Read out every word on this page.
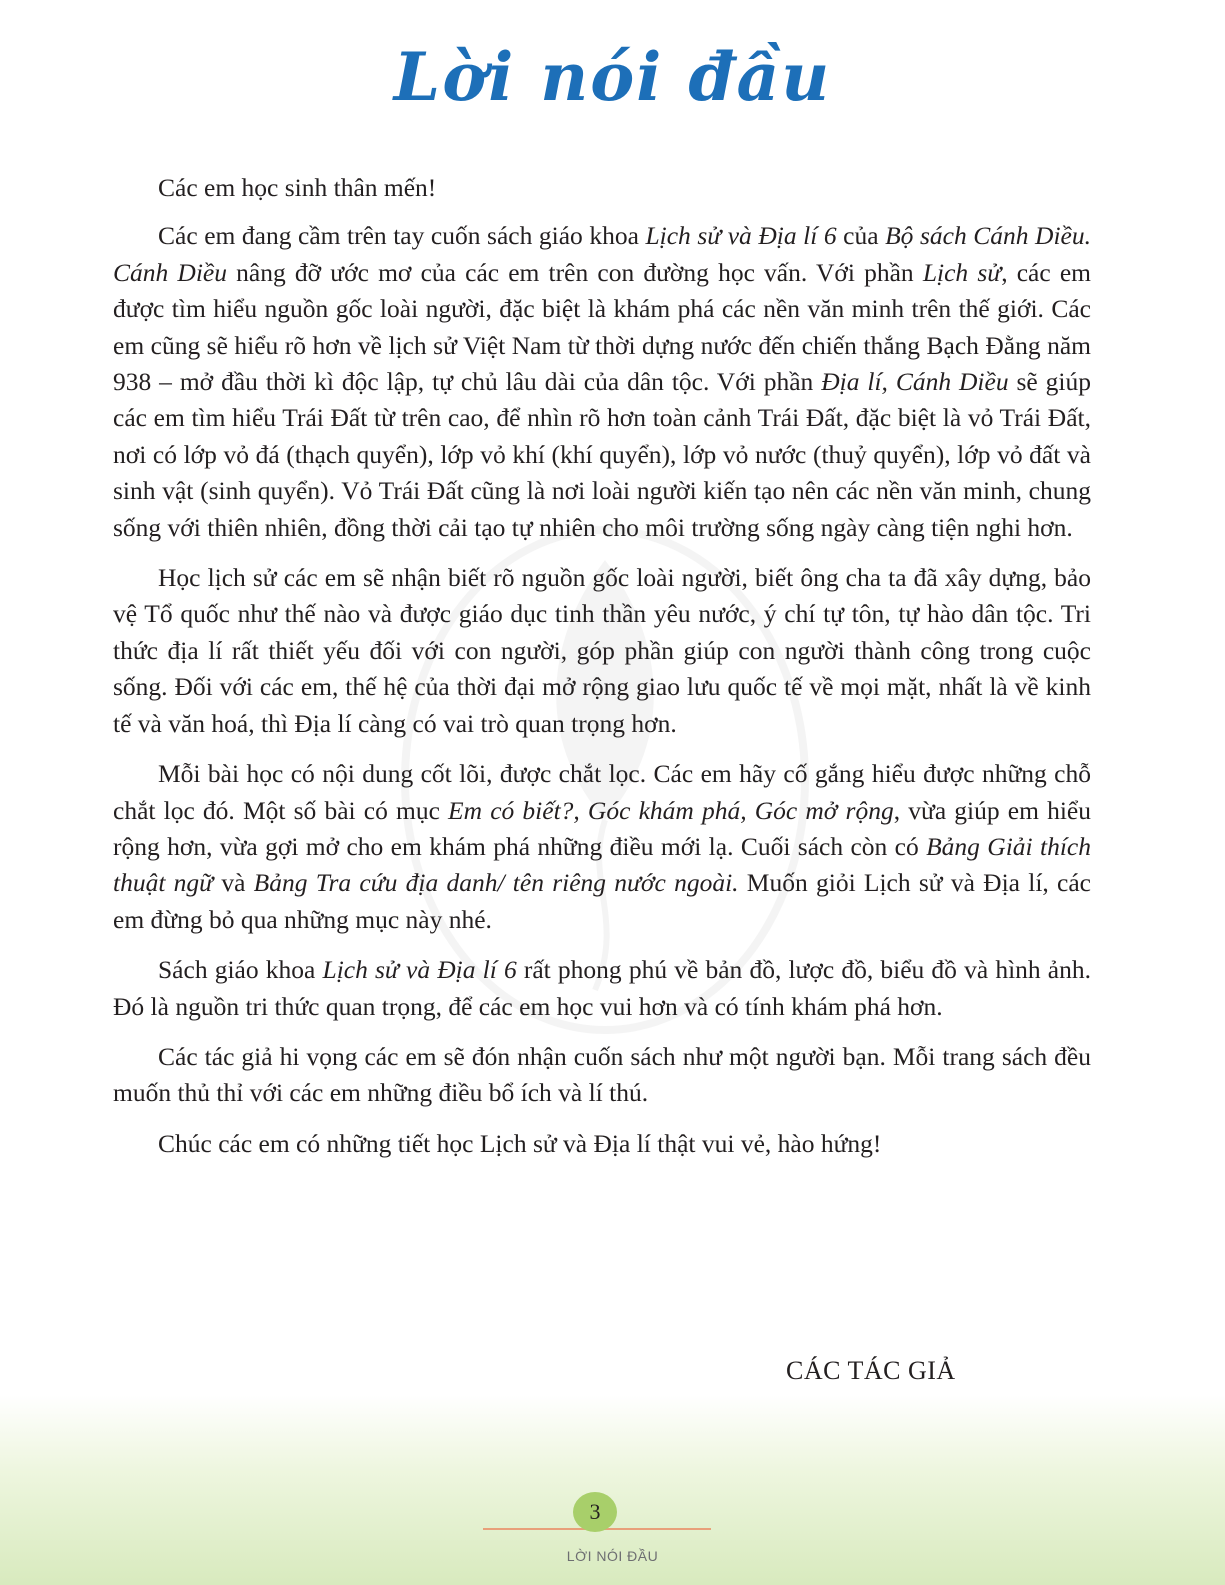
Lời nói đầu

Các em học sinh thân mến!

Các em đang cầm trên tay cuốn sách giáo khoa Lịch sử và Địa lí 6 của Bộ sách Cánh Diều. Cánh Diều nâng đỡ ước mơ của các em trên con đường học vấn. Với phần Lịch sử, các em được tìm hiểu nguồn gốc loài người, đặc biệt là khám phá các nền văn minh trên thế giới. Các em cũng sẽ hiểu rõ hơn về lịch sử Việt Nam từ thời dựng nước đến chiến thắng Bạch Đằng năm 938 – mở đầu thời kì độc lập, tự chủ lâu dài của dân tộc. Với phần Địa lí, Cánh Diều sẽ giúp các em tìm hiểu Trái Đất từ trên cao, để nhìn rõ hơn toàn cảnh Trái Đất, đặc biệt là vỏ Trái Đất, nơi có lớp vỏ đá (thạch quyển), lớp vỏ khí (khí quyển), lớp vỏ nước (thuỷ quyển), lớp vỏ đất và sinh vật (sinh quyển). Vỏ Trái Đất cũng là nơi loài người kiến tạo nên các nền văn minh, chung sống với thiên nhiên, đồng thời cải tạo tự nhiên cho môi trường sống ngày càng tiện nghi hơn.

Học lịch sử các em sẽ nhận biết rõ nguồn gốc loài người, biết ông cha ta đã xây dựng, bảo vệ Tổ quốc như thế nào và được giáo dục tinh thần yêu nước, ý chí tự tôn, tự hào dân tộc. Tri thức địa lí rất thiết yếu đối với con người, góp phần giúp con người thành công trong cuộc sống. Đối với các em, thế hệ của thời đại mở rộng giao lưu quốc tế về mọi mặt, nhất là về kinh tế và văn hoá, thì Địa lí càng có vai trò quan trọng hơn.

Mỗi bài học có nội dung cốt lõi, được chắt lọc. Các em hãy cố gắng hiểu được những chỗ chắt lọc đó. Một số bài có mục Em có biết?, Góc khám phá, Góc mở rộng, vừa giúp em hiểu rộng hơn, vừa gợi mở cho em khám phá những điều mới lạ. Cuối sách còn có Bảng Giải thích thuật ngữ và Bảng Tra cứu địa danh/ tên riêng nước ngoài. Muốn giỏi Lịch sử và Địa lí, các em đừng bỏ qua những mục này nhé.

Sách giáo khoa Lịch sử và Địa lí 6 rất phong phú về bản đồ, lược đồ, biểu đồ và hình ảnh. Đó là nguồn tri thức quan trọng, để các em học vui hơn và có tính khám phá hơn.

Các tác giả hi vọng các em sẽ đón nhận cuốn sách như một người bạn. Mỗi trang sách đều muốn thủ thỉ với các em những điều bổ ích và lí thú.

Chúc các em có những tiết học Lịch sử và Địa lí thật vui vẻ, hào hứng!

CÁC TÁC GIẢ
3
LỜI NÓI ĐẦU
